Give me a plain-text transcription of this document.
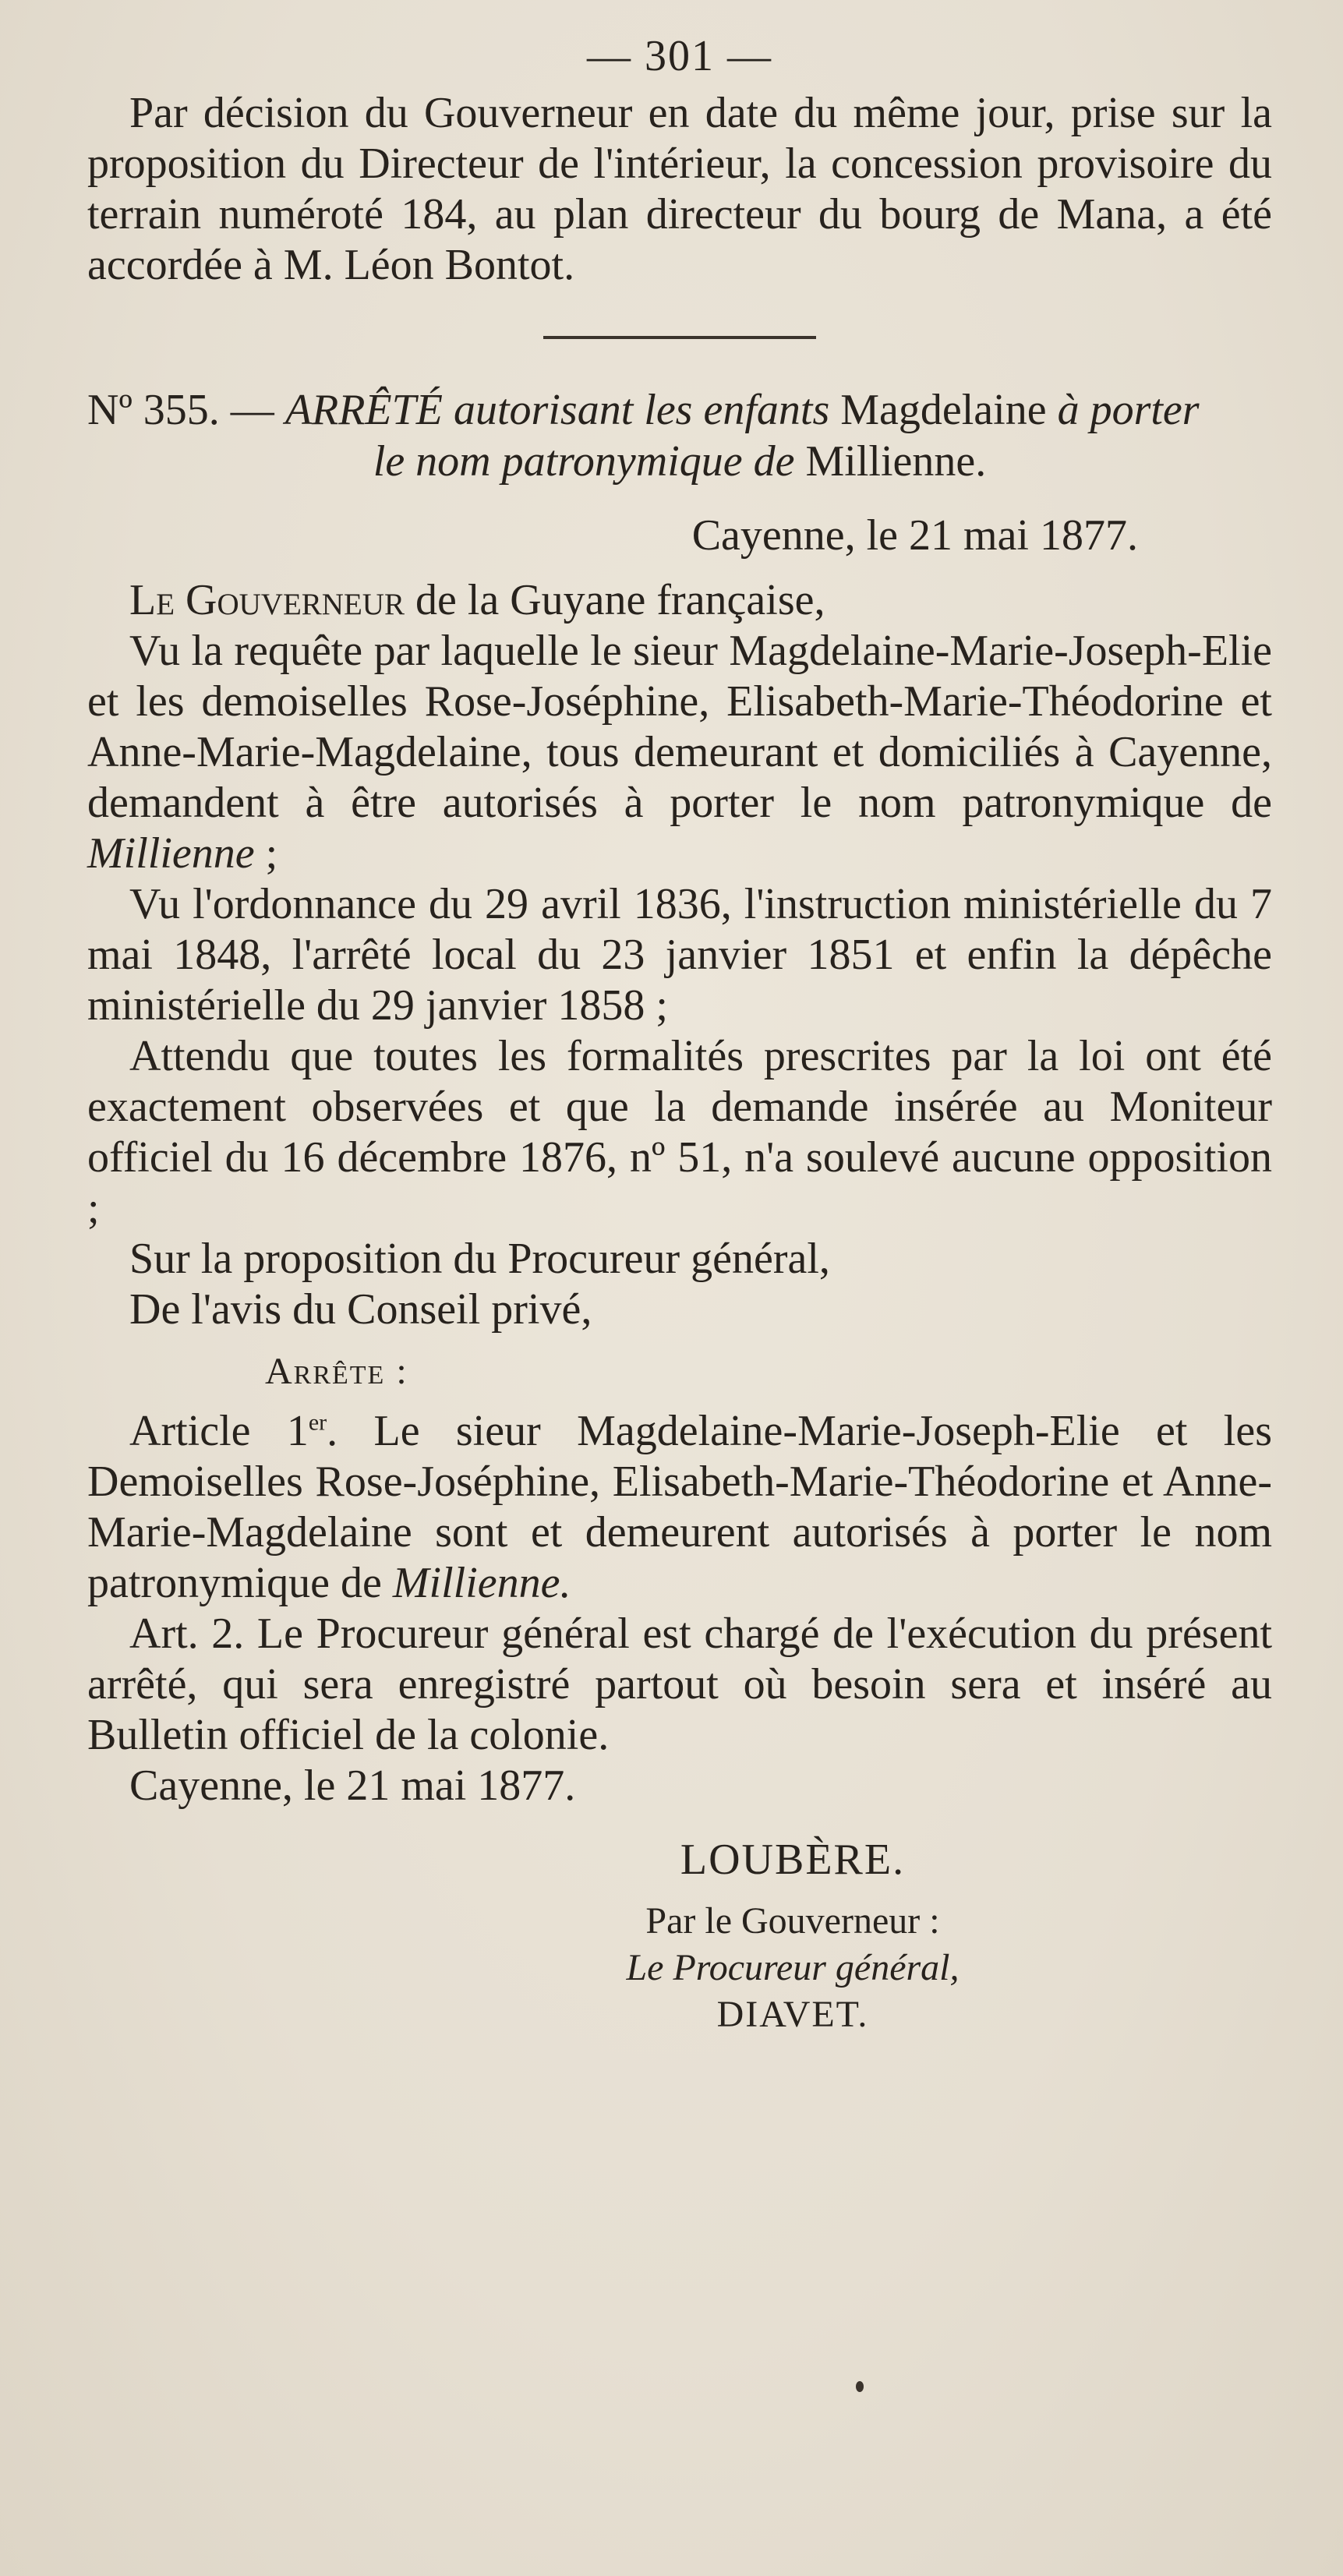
— 301 —

Par décision du Gouverneur en date du même jour, prise sur la proposition du Directeur de l'intérieur, la concession provisoire du terrain numéroté 184, au plan directeur du bourg de Mana, a été accordée à M. Léon Bontot.

Nº 355. — ARRÊTÉ autorisant les enfants Magdelaine à porter
le nom patronymique de Millienne.
Cayenne, le 21 mai 1877.

Le Gouverneur de la Guyane française,

Vu la requête par laquelle le sieur Magdelaine-Marie-Joseph-Elie et les demoiselles Rose-Joséphine, Elisabeth-Marie-Théodorine et Anne-Marie-Magdelaine, tous demeurant et domiciliés à Cayenne, demandent à être autorisés à porter le nom patronymique de Millienne ;

Vu l'ordonnance du 29 avril 1836, l'instruction ministérielle du 7 mai 1848, l'arrêté local du 23 janvier 1851 et enfin la dépêche ministérielle du 29 janvier 1858 ;

Attendu que toutes les formalités prescrites par la loi ont été exactement observées et que la demande insérée au Moniteur officiel du 16 décembre 1876, nº 51, n'a soulevé aucune opposition ;

Sur la proposition du Procureur général,

De l'avis du Conseil privé,

Arrête :

Article 1er. Le sieur Magdelaine-Marie-Joseph-Elie et les Demoiselles Rose-Joséphine, Elisabeth-Marie-Théodorine et Anne-Marie-Magdelaine sont et demeurent autorisés à porter le nom patronymique de Millienne.

Art. 2. Le Procureur général est chargé de l'exécution du présent arrêté, qui sera enregistré partout où besoin sera et inséré au Bulletin officiel de la colonie.

Cayenne, le 21 mai 1877.

LOUBÈRE.
Par le Gouverneur :
Le Procureur général,
DIAVET.
